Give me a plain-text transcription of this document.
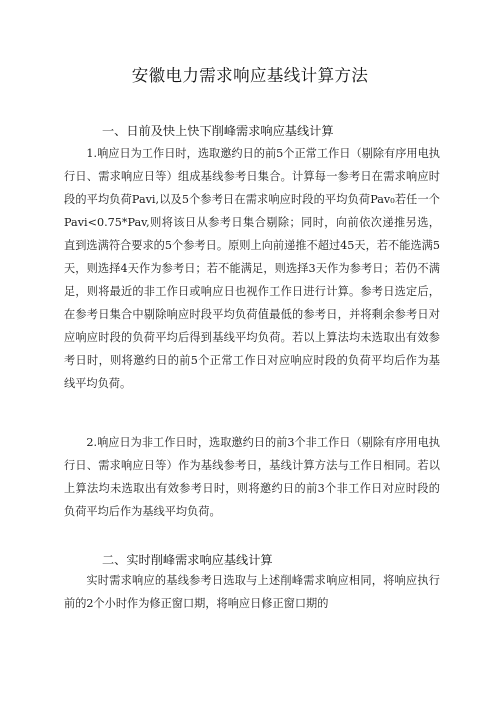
安徽电力需求响应基线计算方法
一、日前及快上快下削峰需求响应基线计算

1.响应日为工作日时，选取邀约日的前5个正常工作日（剔除有序用电执行日、需求响应日等）组成基线参考日集合。计算每一参考日在需求响应时段的平均负荷Pavi,以及5个参考日在需求响应时段的平均负荷Pav₀若任一个Pavi<0.75*Pav,则将该日从参考日集合剔除；同时，向前依次递推另选，直到选满符合要求的5个参考日。原则上向前递推不超过45天，若不能选满5天，则选择4天作为参考日；若不能满足，则选择3天作为参考日；若仍不满足，则将最近的非工作日或响应日也视作工作日进行计算。参考日选定后，在参考日集合中剔除响应时段平均负荷值最低的参考日，并将剩余参考日对应响应时段的负荷平均后得到基线平均负荷。若以上算法均未选取出有效参考日时，则将邀约日的前5个正常工作日对应响应时段的负荷平均后作为基线平均负荷。

2.响应日为非工作日时，选取邀约日的前3个非工作日（剔除有序用电执行日、需求响应日等）作为基线参考日，基线计算方法与工作日相同。若以上算法均未选取出有效参考日时，则将邀约日的前3个非工作日对应时段的负荷平均后作为基线平均负荷。

二、实时削峰需求响应基线计算

实时需求响应的基线参考日选取与上述削峰需求响应相同，将响应执行前的2个小时作为修正窗口期，将响应日修正窗口期的
